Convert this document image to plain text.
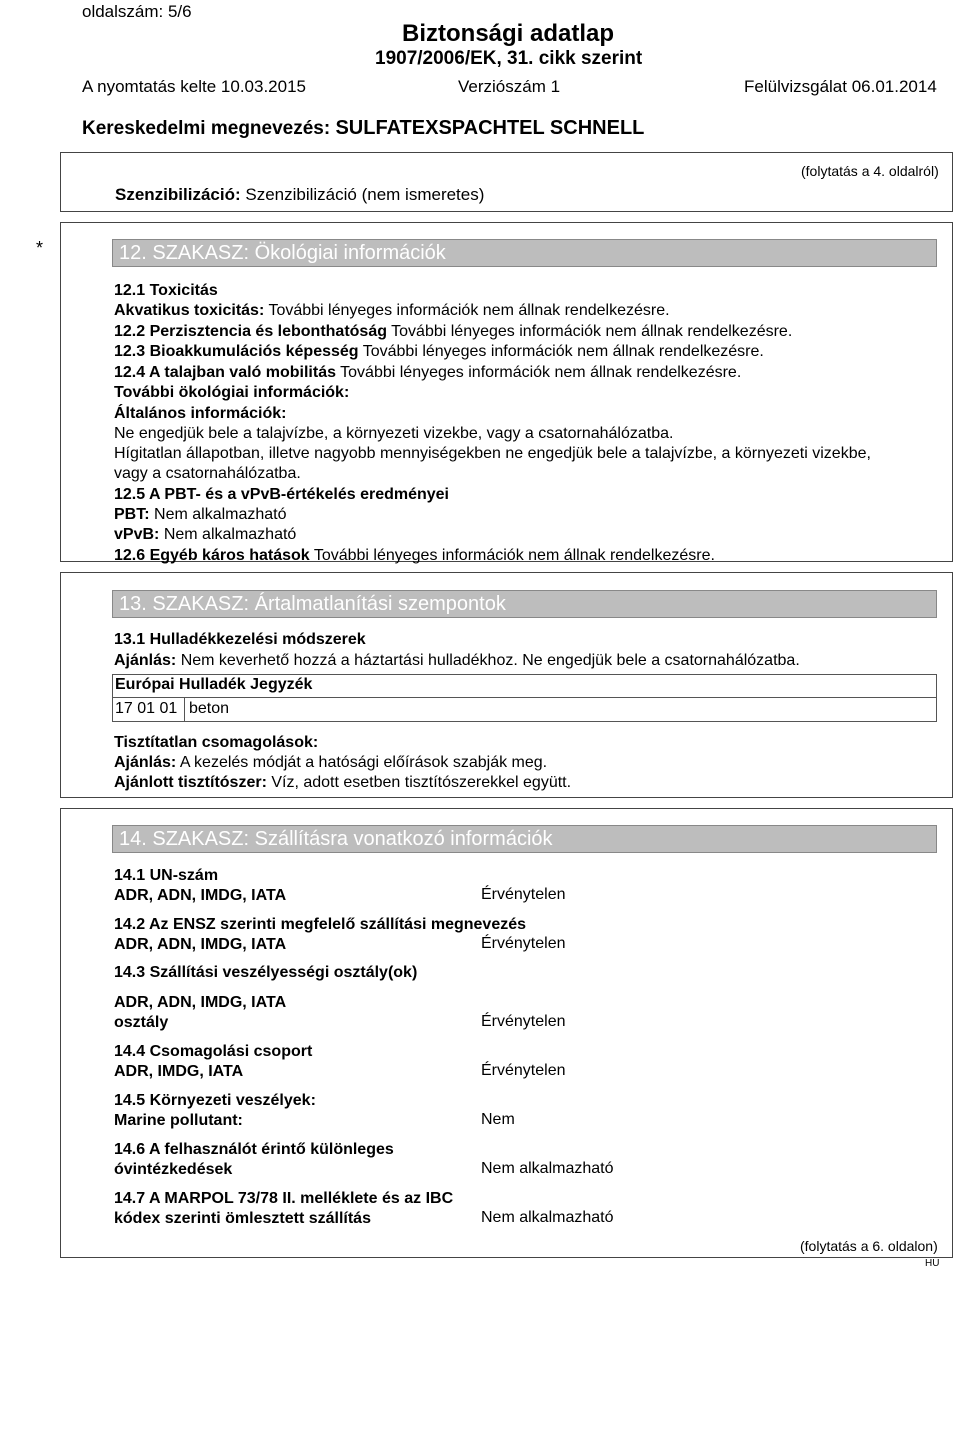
oldalszám: 5/6
Biztonsági adatlap
1907/2006/EK, 31. cikk szerint
A nyomtatás kelte 10.03.2015	Verziószám 1	Felülvizsgálat 06.01.2014
Kereskedelmi megnevezés: SULFATEXSPACHTEL SCHNELL
(folytatás a 4. oldalról)
Szenzibilizáció: Szenzibilizáció (nem ismeretes)
*	12. SZAKASZ: Ökológiai információk
12.1 Toxicitás
Akvatikus toxicitás: További lényeges információk nem állnak rendelkezésre.
12.2 Perzisztencia és lebonthatóság További lényeges információk nem állnak rendelkezésre.
12.3 Bioakkumulációs képesség További lényeges információk nem állnak rendelkezésre.
12.4 A talajban való mobilitás További lényeges információk nem állnak rendelkezésre.
További ökológiai információk:
Általános információk:
Ne engedjük bele a talajvízbe, a környezeti vizekbe, vagy a csatornahálózatba.
Hígitatlan állapotban, illetve nagyobb mennyiségekben ne engedjük bele a talajvízbe, a környezeti vizekbe,
vagy a csatornahálózatba.
12.5 A PBT- és a vPvB-értékelés eredményei
PBT: Nem alkalmazható
vPvB: Nem alkalmazható
12.6 Egyéb káros hatások További lényeges információk nem állnak rendelkezésre.
13. SZAKASZ: Ártalmatlanítási szempontok
13.1 Hulladékkezelési módszerek
Ajánlás: Nem keverhető hozzá a háztartási hulladékhoz. Ne engedjük bele a csatornahálózatba.
Európai Hulladék Jegyzék
17 01 01 beton
Tisztítatlan csomagolások:
Ajánlás: A kezelés módját a hatósági előírások szabják meg.
Ajánlott tisztítószer: Víz, adott esetben tisztítószerekkel együtt.
14. SZAKASZ: Szállításra vonatkozó információk
14.1 UN-szám
ADR, ADN, IMDG, IATA	Érvénytelen
14.2 Az ENSZ szerinti megfelelő szállítási megnevezés
ADR, ADN, IMDG, IATA	Érvénytelen
14.3 Szállítási veszélyességi osztály(ok)
ADR, ADN, IMDG, IATA
osztály	Érvénytelen
14.4 Csomagolási csoport
ADR, IMDG, IATA	Érvénytelen
14.5 Környezeti veszélyek:
Marine pollutant:	Nem
14.6 A felhasználót érintő különleges
óvintézkedések	Nem alkalmazható
14.7 A MARPOL 73/78 II. melléklete és az IBC
kódex szerinti ömlesztett szállítás	Nem alkalmazható
(folytatás a 6. oldalon)
HU
